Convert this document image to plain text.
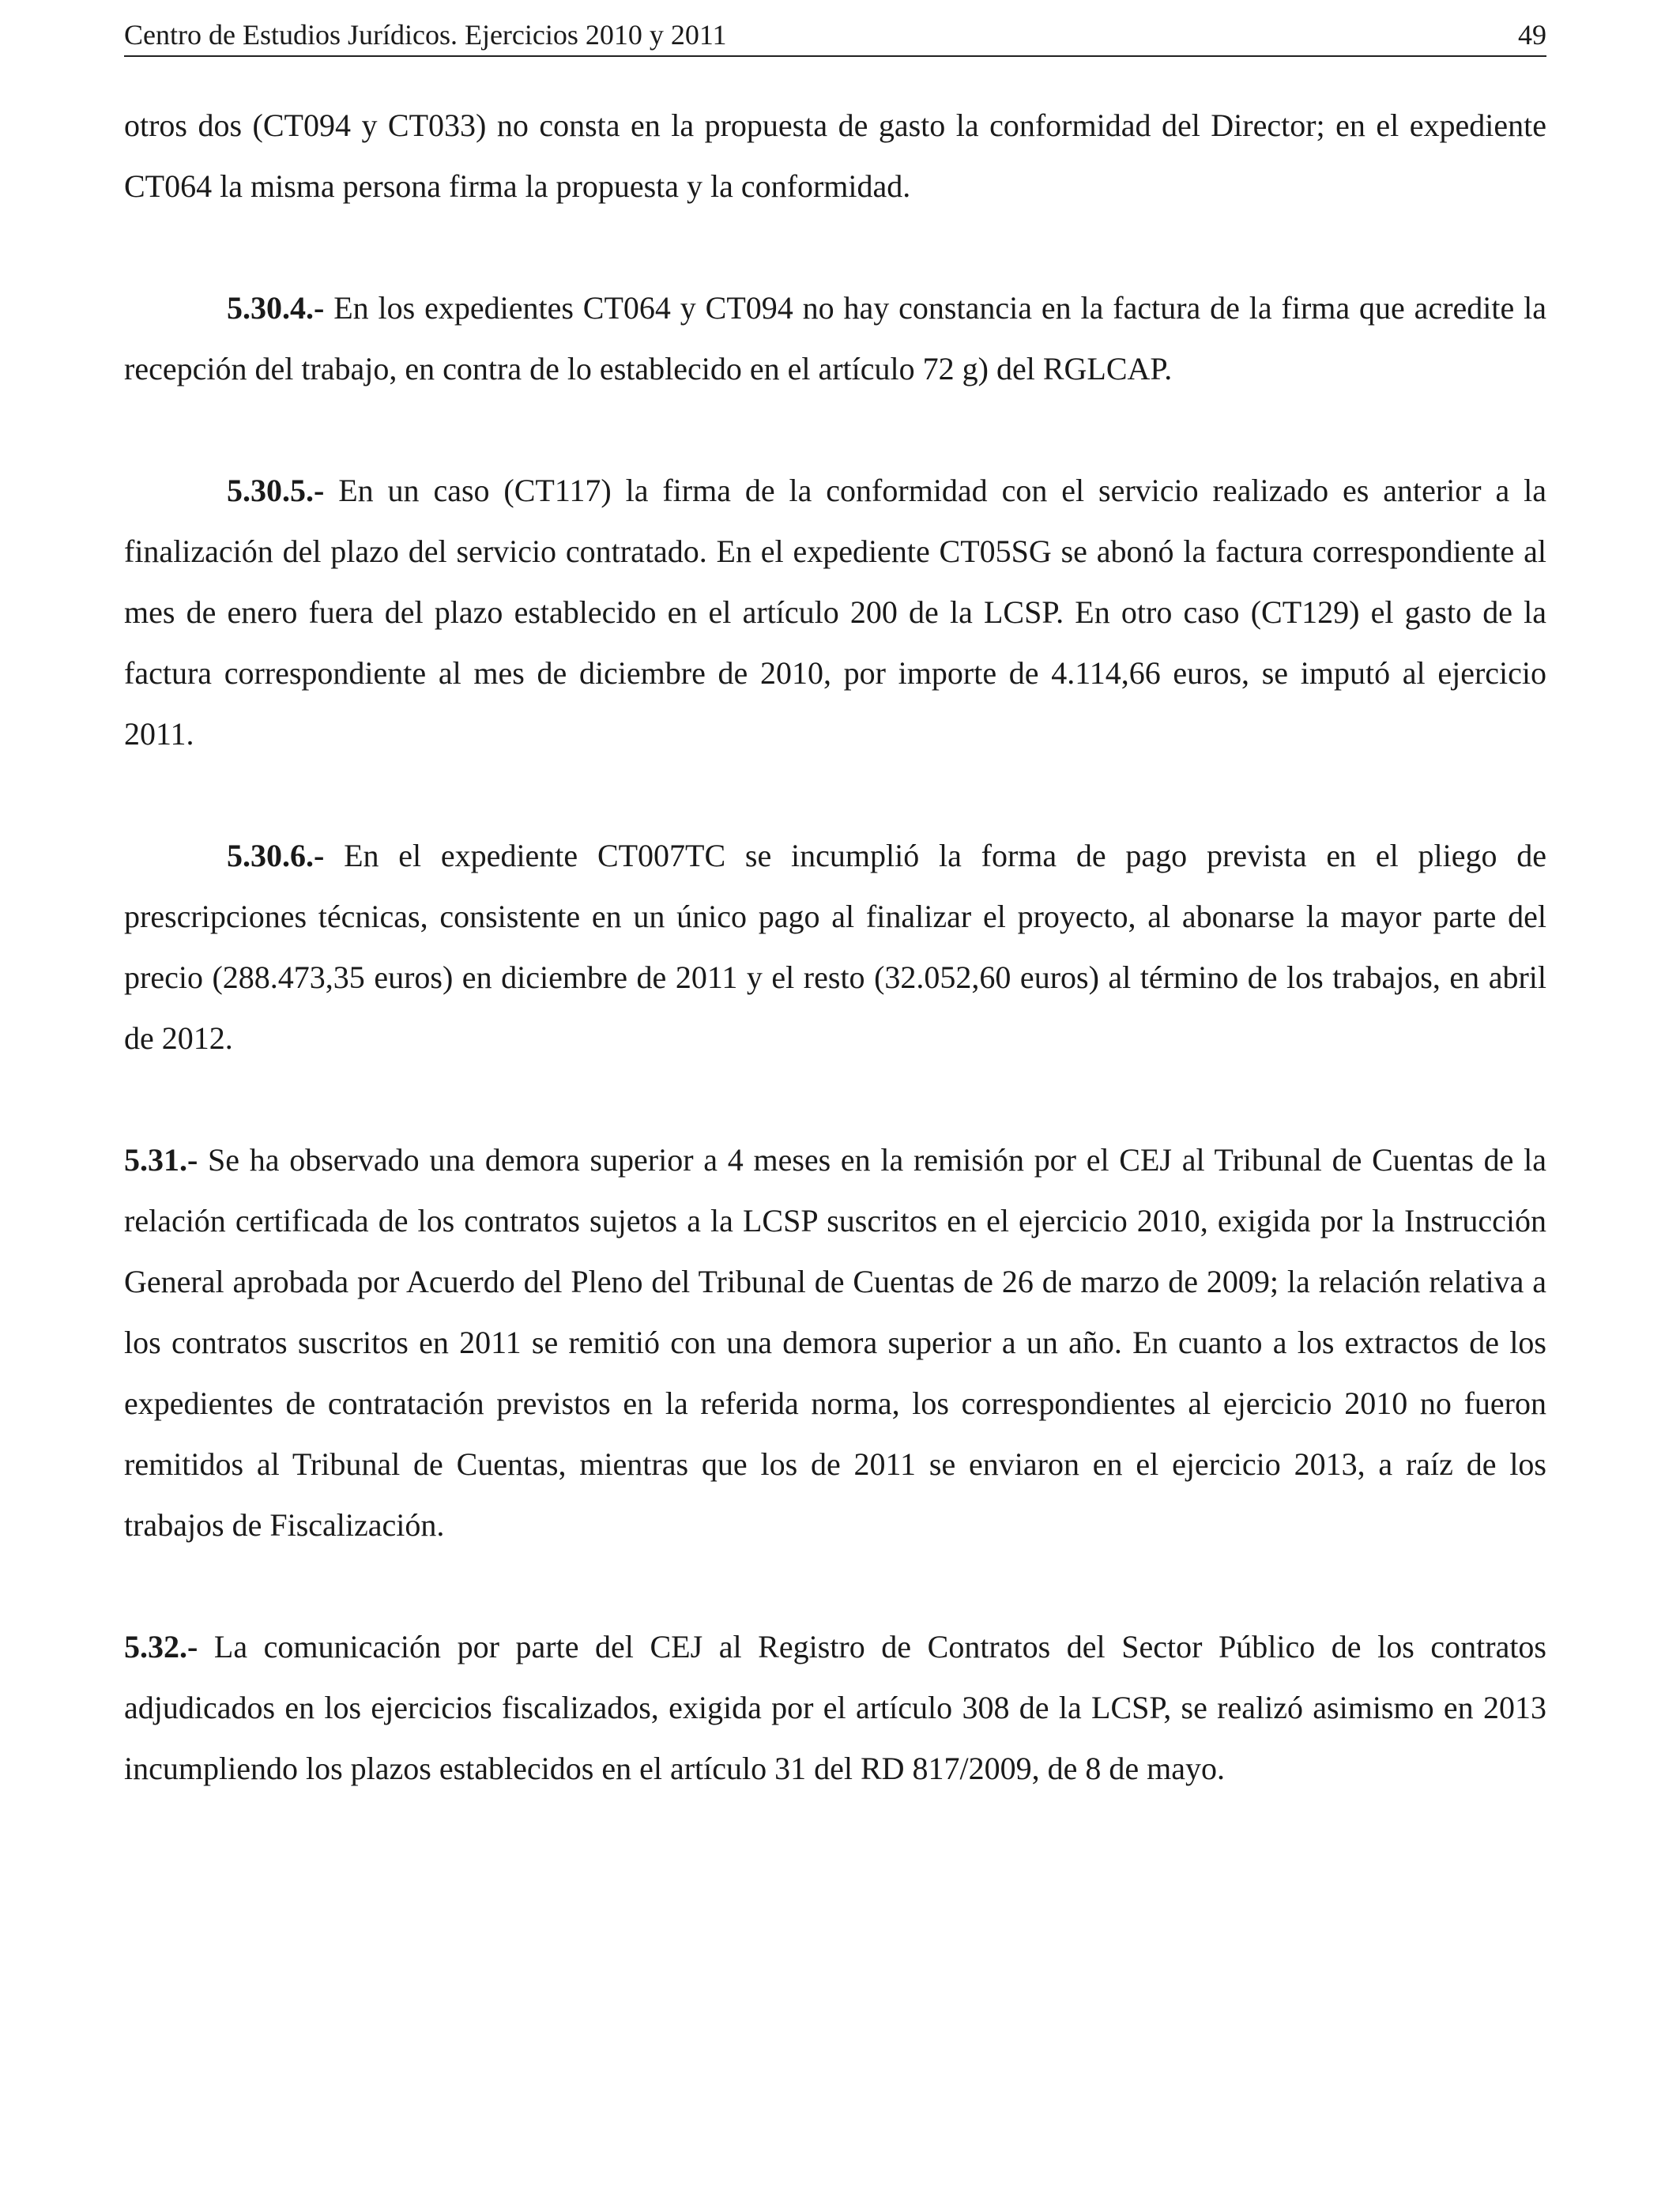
Centro de Estudios Jurídicos. Ejercicios 2010 y 2011	49

otros dos (CT094 y CT033) no consta en la propuesta de gasto la conformidad del Director; en el expediente CT064 la misma persona firma la propuesta y la conformidad.

5.30.4.- En los expedientes CT064 y CT094 no hay constancia en la factura de la firma que acredite la recepción del trabajo, en contra de lo establecido en el artículo 72 g) del RGLCAP.

5.30.5.- En un caso (CT117) la firma de la conformidad con el servicio realizado es anterior a la finalización del plazo del servicio contratado. En el expediente CT05SG se abonó la factura correspondiente al mes de enero fuera del plazo establecido en el artículo 200 de la LCSP. En otro caso (CT129) el gasto de la factura correspondiente al mes de diciembre de 2010, por importe de 4.114,66 euros, se imputó al ejercicio 2011.

5.30.6.- En el expediente CT007TC se incumplió la forma de pago prevista en el pliego de prescripciones técnicas, consistente en un único pago al finalizar el proyecto, al abonarse la mayor parte del precio (288.473,35 euros) en diciembre de 2011 y el resto (32.052,60 euros) al término de los trabajos, en abril de 2012.

5.31.- Se ha observado una demora superior a 4 meses en la remisión por el CEJ al Tribunal de Cuentas de la relación certificada de los contratos sujetos a la LCSP suscritos en el ejercicio 2010, exigida por la Instrucción General aprobada por Acuerdo del Pleno del Tribunal de Cuentas de 26 de marzo de 2009; la relación relativa a los contratos suscritos en 2011 se remitió con una demora superior a un año. En cuanto a los extractos de los expedientes de contratación previstos en la referida norma, los correspondientes al ejercicio 2010 no fueron remitidos al Tribunal de Cuentas, mientras que los de 2011 se enviaron en el ejercicio 2013, a raíz de los trabajos de Fiscalización.

5.32.- La comunicación por parte del CEJ al Registro de Contratos del Sector Público de los contratos adjudicados en los ejercicios fiscalizados, exigida por el artículo 308 de la LCSP, se realizó asimismo en 2013 incumpliendo los plazos establecidos en el artículo 31 del RD 817/2009, de 8 de mayo.
